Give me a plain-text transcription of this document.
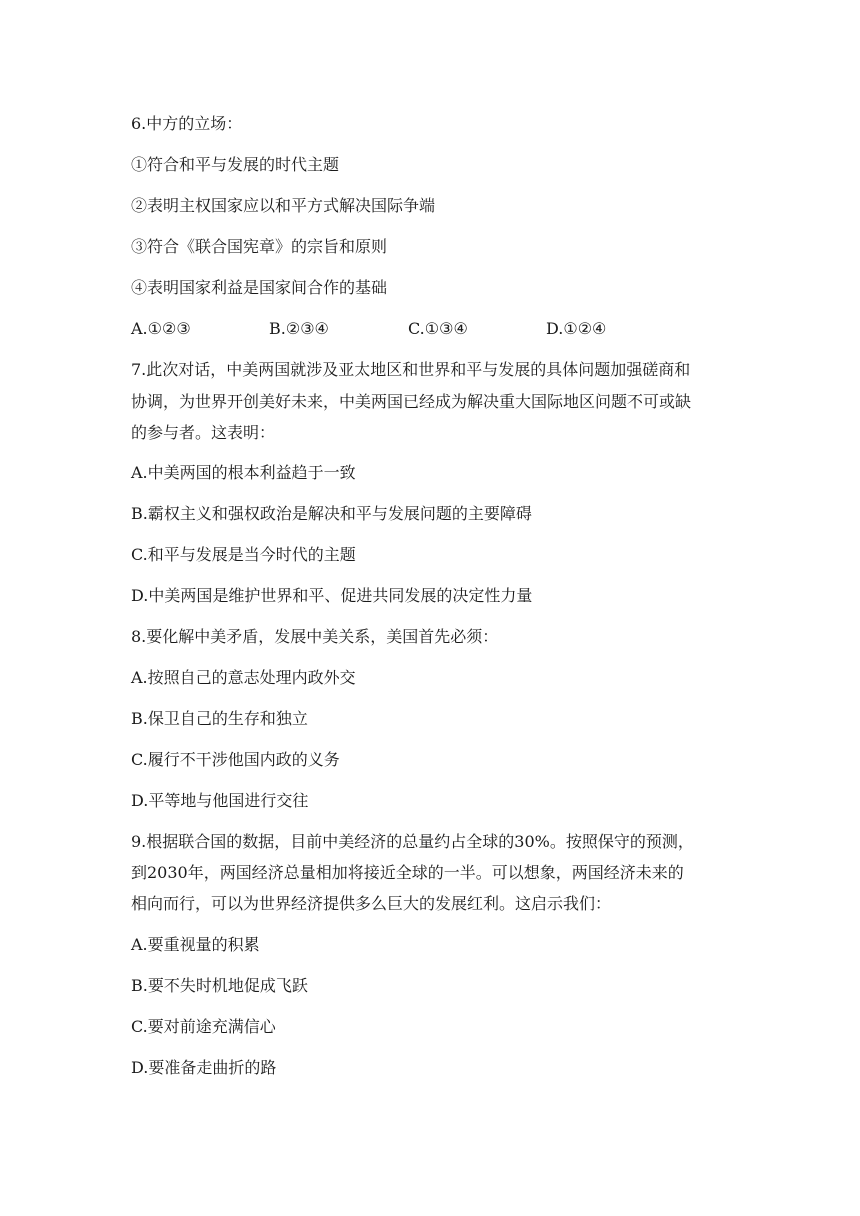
6.中方的立场：
①符合和平与发展的时代主题
②表明主权国家应以和平方式解决国际争端
③符合《联合国宪章》的宗旨和原则
④表明国家利益是国家间合作的基础
A.①②③	B.②③④	C.①③④	D.①②④
7.此次对话，中美两国就涉及亚太地区和世界和平与发展的具体问题加强磋商和
协调，为世界开创美好未来，中美两国已经成为解决重大国际地区问题不可或缺
的参与者。这表明：
A.中美两国的根本利益趋于一致
B.霸权主义和强权政治是解决和平与发展问题的主要障碍
C.和平与发展是当今时代的主题
D.中美两国是维护世界和平、促进共同发展的决定性力量
8.要化解中美矛盾，发展中美关系，美国首先必须：
A.按照自己的意志处理内政外交
B.保卫自己的生存和独立
C.履行不干涉他国内政的义务
D.平等地与他国进行交往
9.根据联合国的数据，目前中美经济的总量约占全球的30%。按照保守的预测，
到2030年，两国经济总量相加将接近全球的一半。可以想象，两国经济未来的
相向而行，可以为世界经济提供多么巨大的发展红利。这启示我们：
A.要重视量的积累
B.要不失时机地促成飞跃
C.要对前途充满信心
D.要准备走曲折的路
